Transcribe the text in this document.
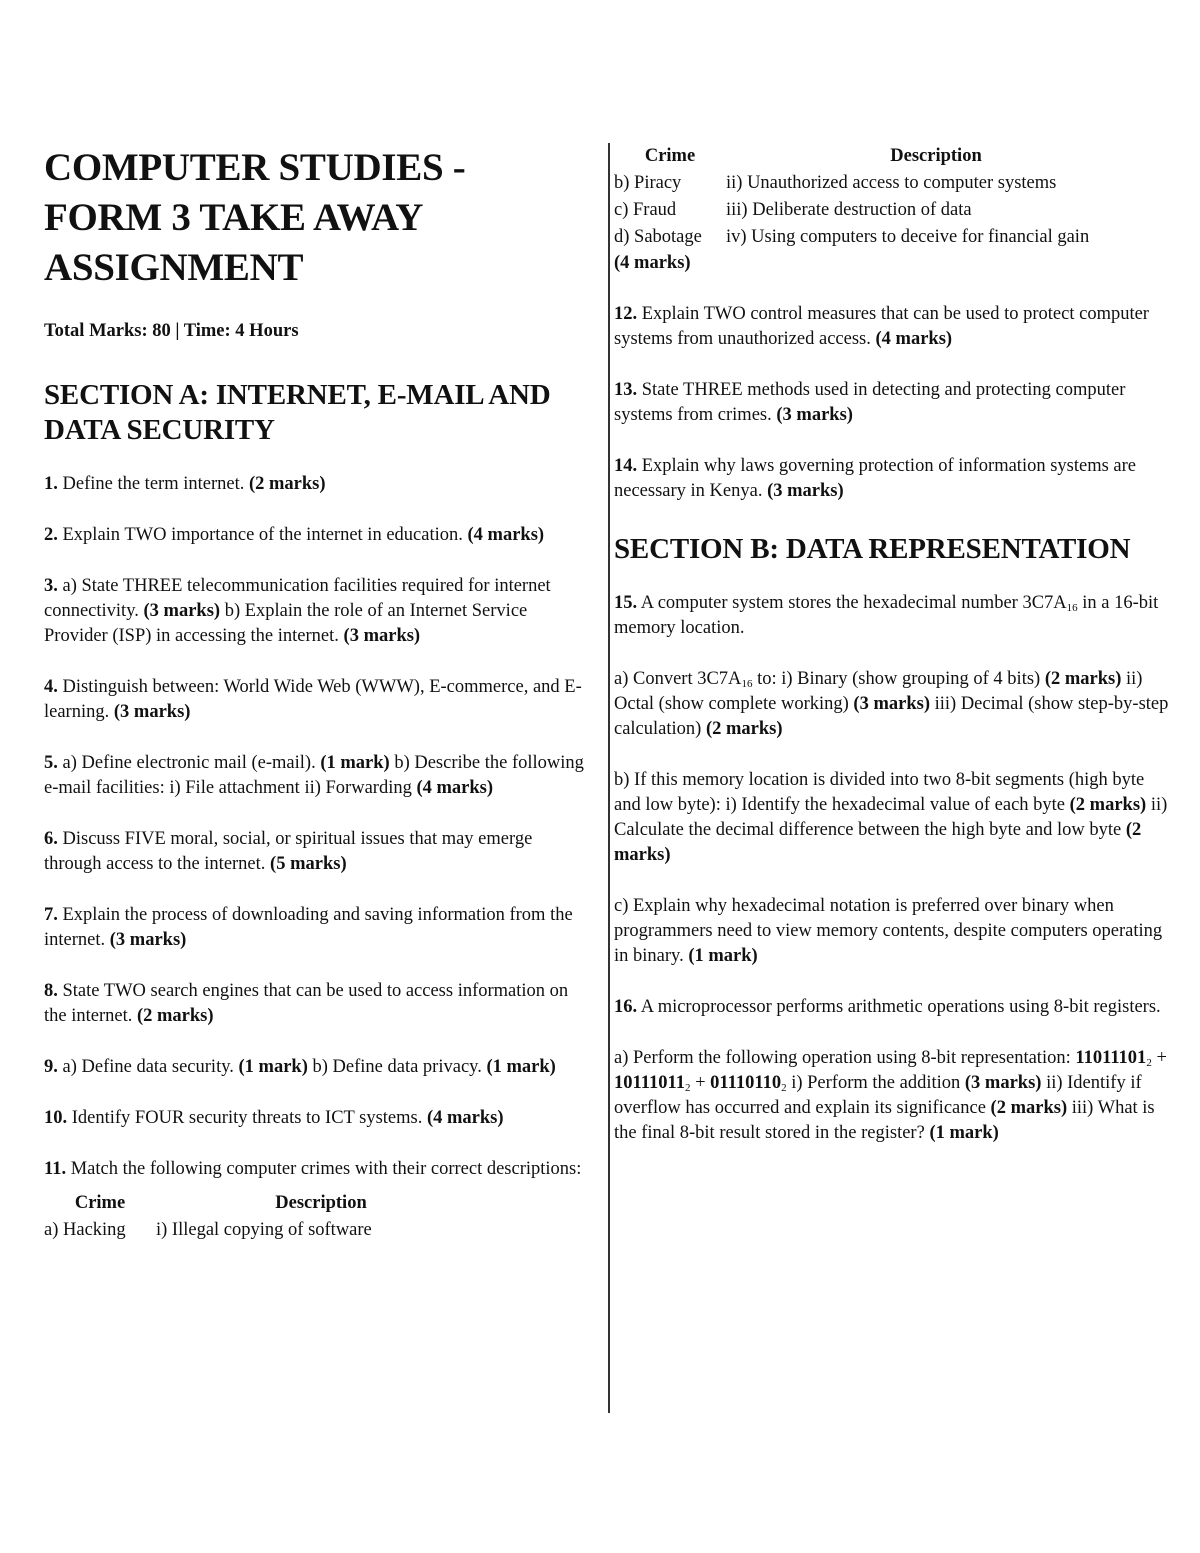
COMPUTER STUDIES - FORM 3 TAKE AWAY ASSIGNMENT
Total Marks: 80 | Time: 4 Hours
SECTION A: INTERNET, E-MAIL AND DATA SECURITY

1. Define the term internet. (2 marks)

2. Explain TWO importance of the internet in education. (4 marks)

3. a) State THREE telecommunication facilities required for internet connectivity. (3 marks) b) Explain the role of an Internet Service Provider (ISP) in accessing the internet. (3 marks)

4. Distinguish between: World Wide Web (WWW), E-commerce, and E-learning. (3 marks)

5. a) Define electronic mail (e-mail). (1 mark) b) Describe the following e-mail facilities: i) File attachment ii) Forwarding (4 marks)

6. Discuss FIVE moral, social, or spiritual issues that may emerge through access to the internet. (5 marks)

7. Explain the process of downloading and saving information from the internet. (3 marks)

8. State TWO search engines that can be used to access information on the internet. (2 marks)

9. a) Define data security. (1 mark) b) Define data privacy. (1 mark)

10. Identify FOUR security threats to ICT systems. (4 marks)

11. Match the following computer crimes with their correct descriptions:

Crime	Description
a) Hacking	i) Illegal copying of software
Crime	Description
b) Piracy	ii) Unauthorized access to computer systems
c) Fraud	iii) Deliberate destruction of data
d) Sabotage	iv) Using computers to deceive for financial gain
(4 marks)

12. Explain TWO control measures that can be used to protect computer systems from unauthorized access. (4 marks)

13. State THREE methods used in detecting and protecting computer systems from crimes. (3 marks)

14. Explain why laws governing protection of information systems are necessary in Kenya. (3 marks)

SECTION B: DATA REPRESENTATION

15. A computer system stores the hexadecimal number $3C7A_{16}$ in a 16-bit memory location.

a) Convert $3C7A_{16}$ to: i) Binary (show grouping of 4 bits) (2 marks) ii) Octal (show complete working) (3 marks) iii) Decimal (show step-by-step calculation) (2 marks)

b) If this memory location is divided into two 8-bit segments (high byte and low byte): i) Identify the hexadecimal value of each byte (2 marks) ii) Calculate the decimal difference between the high byte and low byte (2 marks)

c) Explain why hexadecimal notation is preferred over binary when programmers need to view memory contents, despite computers operating in binary. (1 mark)

16. A microprocessor performs arithmetic operations using 8-bit registers.

a) Perform the following operation using 8-bit representation: $11011101_2 + 10111011_2 + 01110110_2$ i) Perform the addition (3 marks) ii) Identify if overflow has occurred and explain its significance (2 marks) iii) What is the final 8-bit result stored in the register? (1 mark)
